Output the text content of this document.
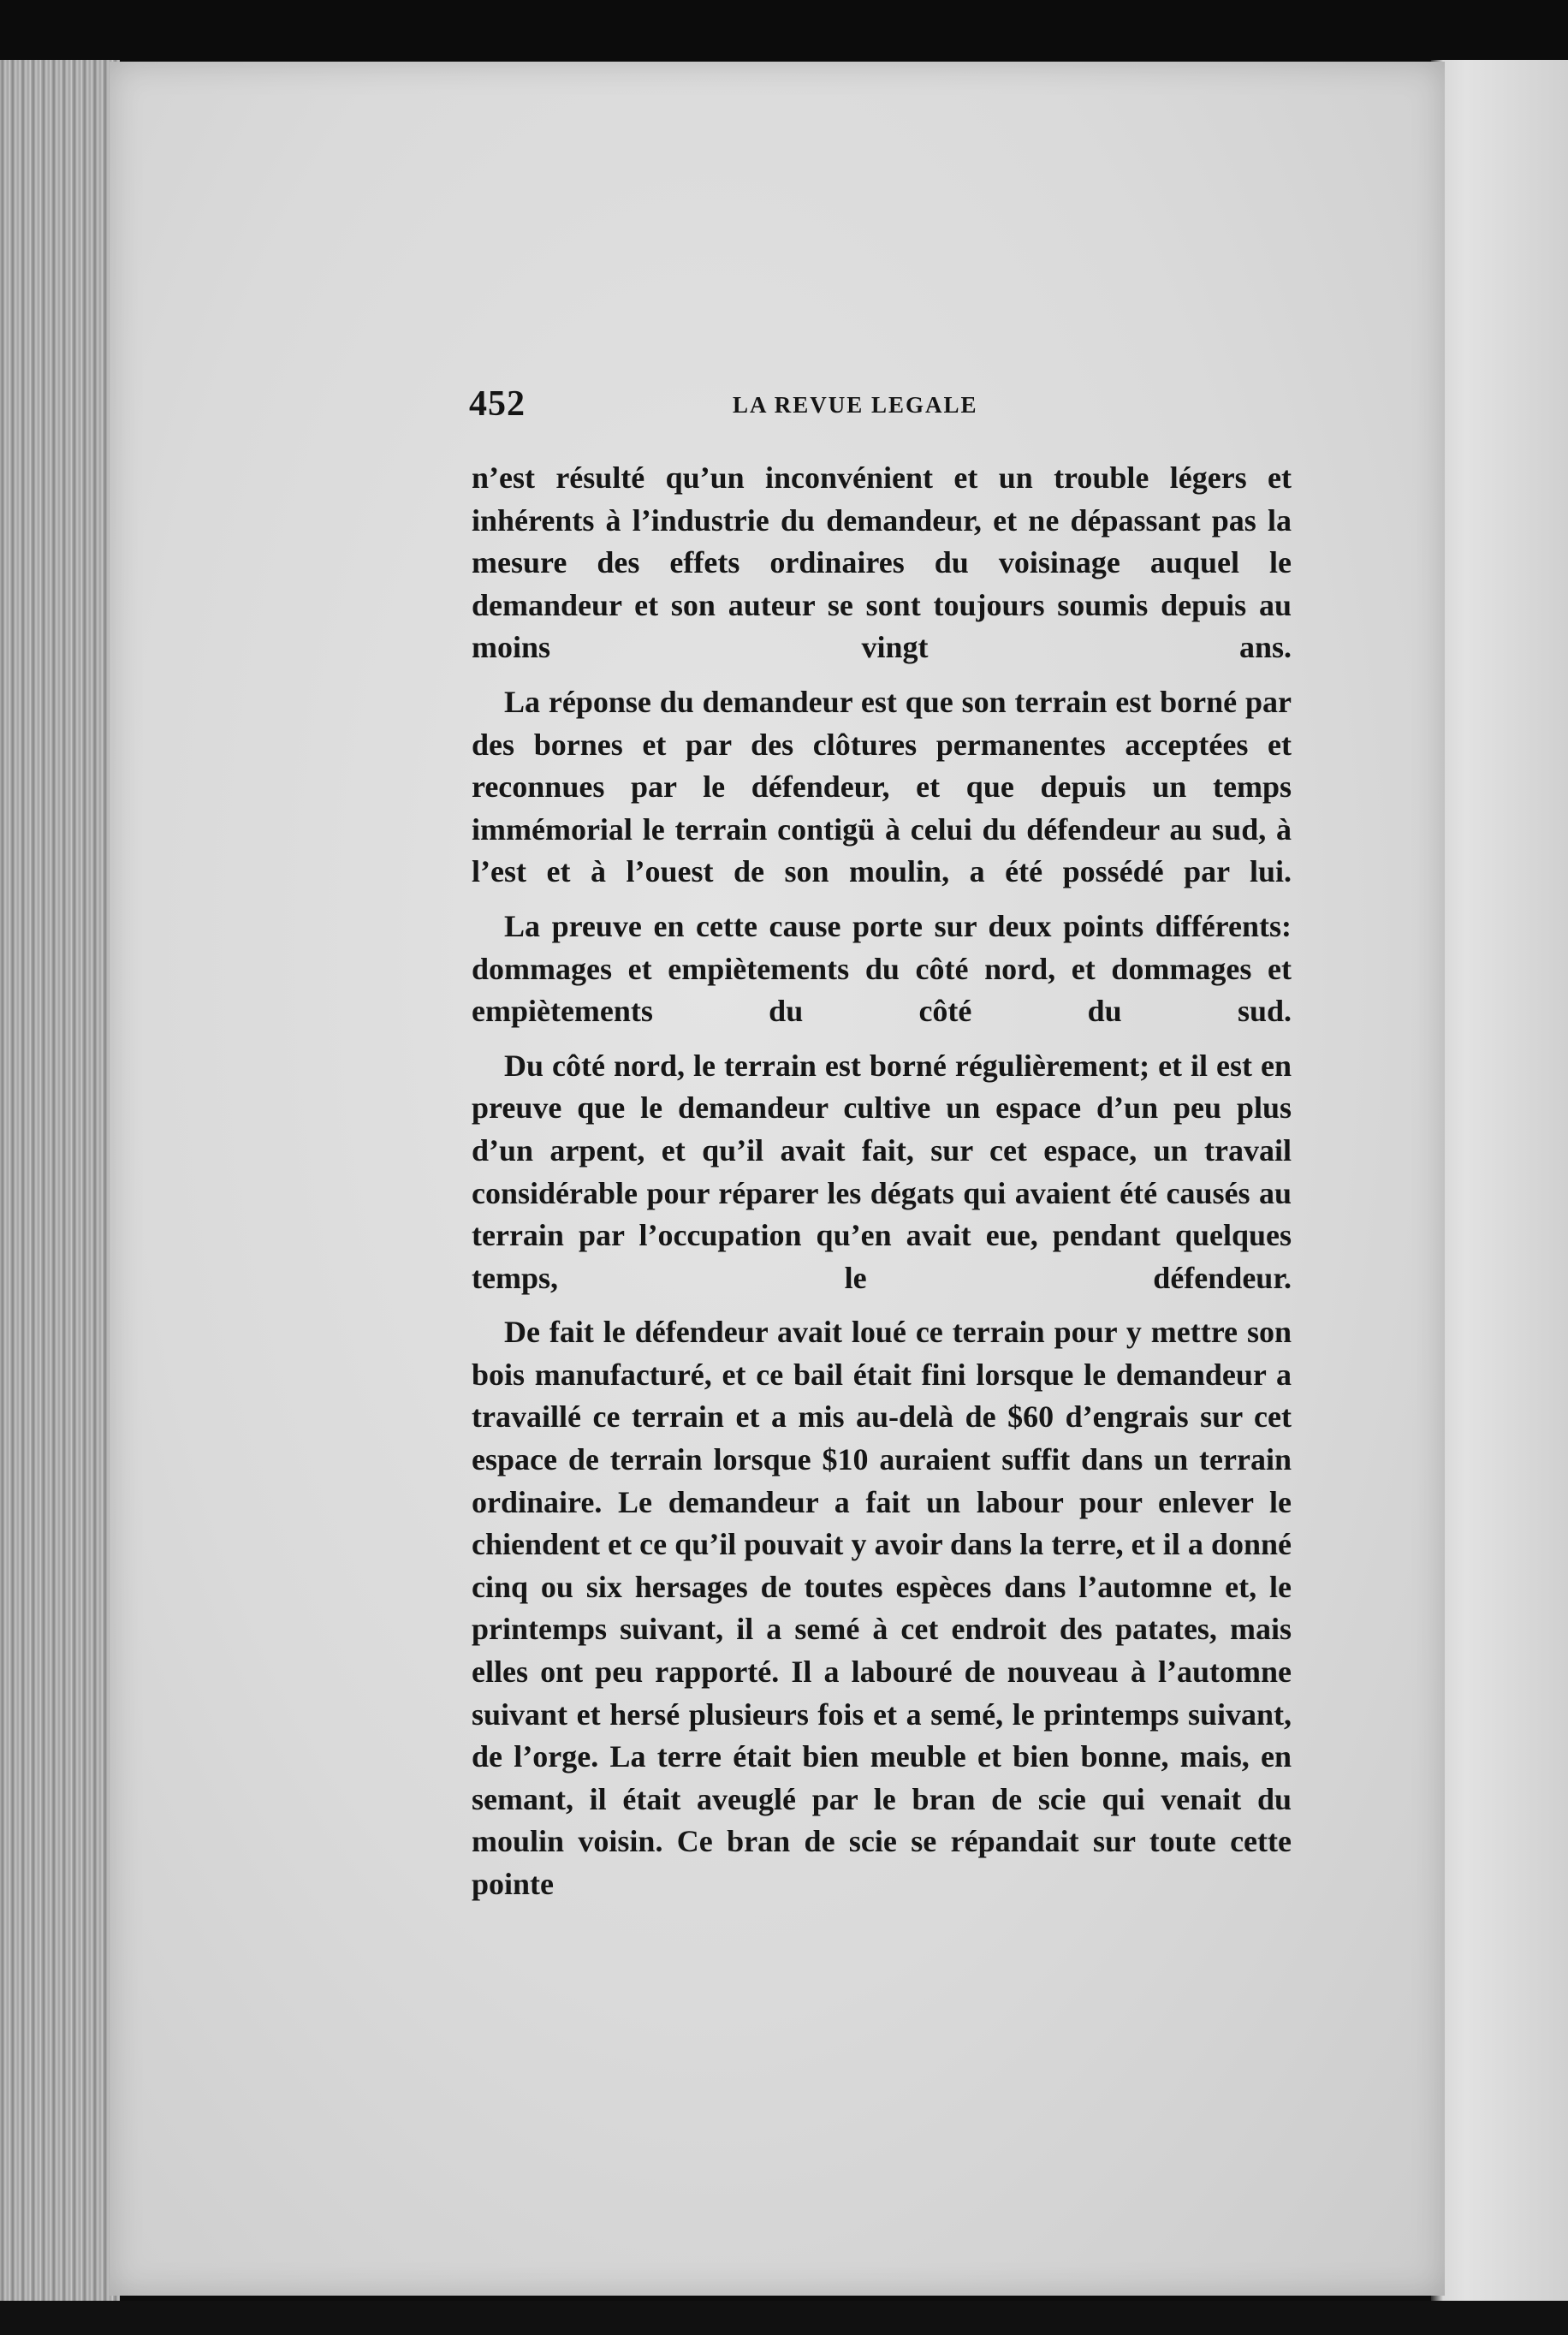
452	LA REVUE LEGALE

n’est résulté qu’un inconvénient et un trouble légers et inhérents à l’industrie du demandeur, et ne dépassant pas la mesure des effets ordinaires du voisinage auquel le demandeur et son auteur se sont toujours soumis depuis au moins vingt ans.

La réponse du demandeur est que son terrain est borné par des bornes et par des clôtures permanentes acceptées et reconnues par le défendeur, et que depuis un temps immémorial le terrain contigü à celui du défendeur au sud, à l’est et à l’ouest de son moulin, a été possédé par lui.

La preuve en cette cause porte sur deux points différents: dommages et empiètements du côté nord, et dommages et empiètements du côté du sud.

Du côté nord, le terrain est borné régulièrement; et il est en preuve que le demandeur cultive un espace d’un peu plus d’un arpent, et qu’il avait fait, sur cet espace, un travail considérable pour réparer les dégats qui avaient été causés au terrain par l’occupation qu’en avait eue, pendant quelques temps, le défendeur.

De fait le défendeur avait loué ce terrain pour y mettre son bois manufacturé, et ce bail était fini lorsque le demandeur a travaillé ce terrain et a mis au-delà de $60 d’engrais sur cet espace de terrain lorsque $10 auraient suffit dans un terrain ordinaire. Le demandeur a fait un labour pour enlever le chiendent et ce qu’il pouvait y avoir dans la terre, et il a donné cinq ou six hersages de toutes espèces dans l’automne et, le printemps suivant, il a semé à cet endroit des patates, mais elles ont peu rapporté. Il a labouré de nouveau à l’automne suivant et hersé plusieurs fois et a semé, le printemps suivant, de l’orge. La terre était bien meuble et bien bonne, mais, en semant, il était aveuglé par le bran de scie qui venait du moulin voisin. Ce bran de scie se répandait sur toute cette pointe
